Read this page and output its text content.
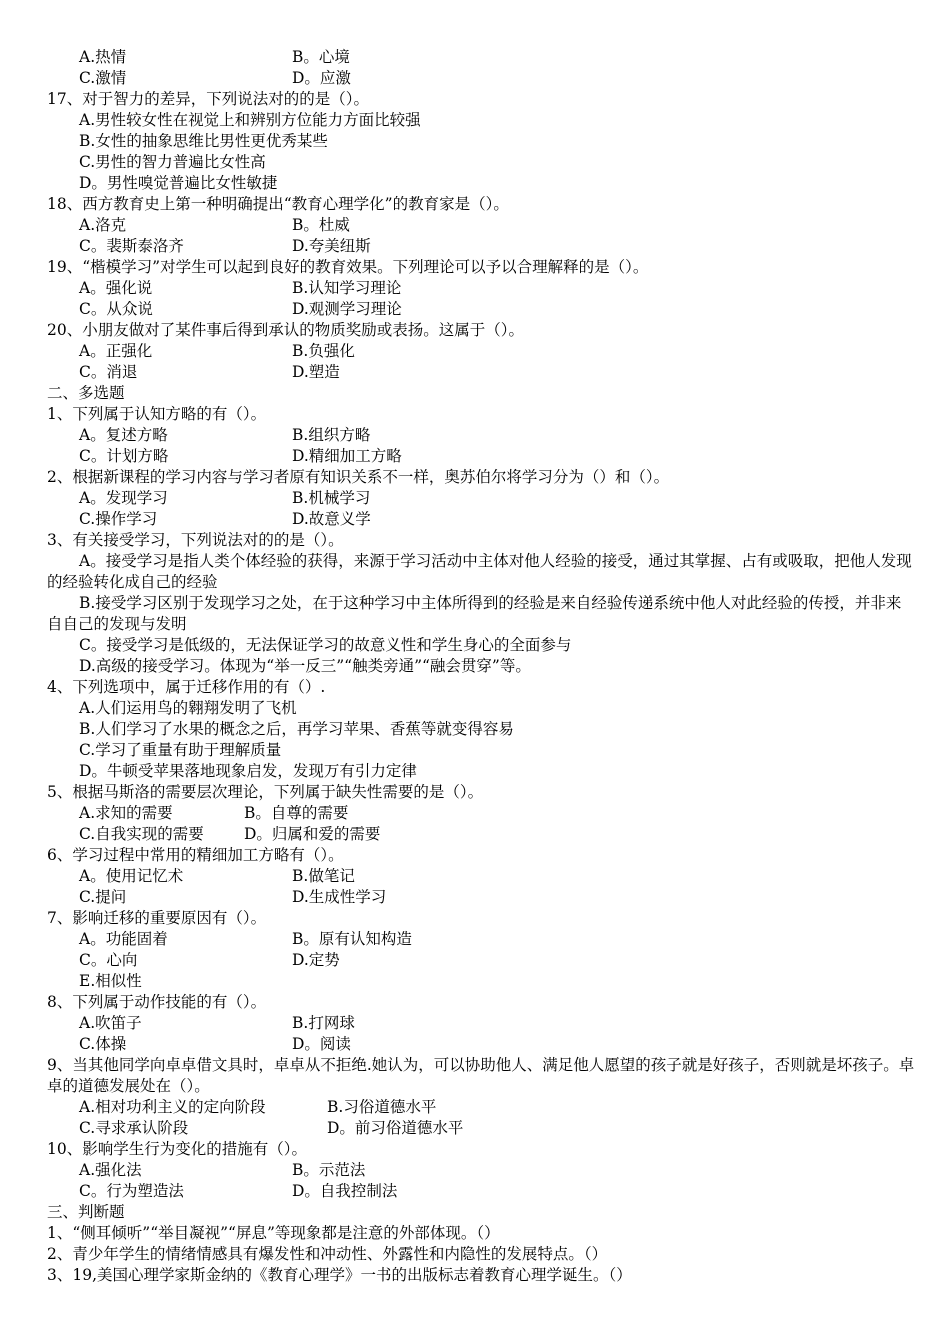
A.热情	B。心境
C.激情	D。应激
17、对于智力的差异，下列说法对的的是（）。
A.男性较女性在视觉上和辨别方位能力方面比较强
B.女性的抽象思维比男性更优秀某些
C.男性的智力普遍比女性高
D。男性嗅觉普遍比女性敏捷
18、西方教育史上第一种明确提出“教育心理学化”的教育家是（）。
A.洛克	B。杜威
C。裴斯泰洛齐	D.夸美纽斯
19、“楷模学习”对学生可以起到良好的教育效果。下列理论可以予以合理解释的是（）。
A。强化说	B.认知学习理论
C。从众说	D.观测学习理论
20、小朋友做对了某件事后得到承认的物质奖励或表扬。这属于（）。
A。正强化	B.负强化
C。消退	D.塑造
二、多选题
1、下列属于认知方略的有（）。
A。复述方略	B.组织方略
C。计划方略	D.精细加工方略
2、根据新课程的学习内容与学习者原有知识关系不一样，奥苏伯尔将学习分为（）和（）。
A。发现学习	B.机械学习
C.操作学习	D.故意义学
3、有关接受学习，下列说法对的的是（）。
A。接受学习是指人类个体经验的获得，来源于学习活动中主体对他人经验的接受，通过其掌握、占有或吸取，把他人发现的经验转化成自己的经验
B.接受学习区别于发现学习之处，在于这种学习中主体所得到的经验是来自经验传递系统中他人对此经验的传授，并非来自自己的发现与发明
C。接受学习是低级的，无法保证学习的故意义性和学生身心的全面参与
D.高级的接受学习。体现为“举一反三”“触类旁通”“融会贯穿”等。
4、下列选项中，属于迁移作用的有（）.
A.人们运用鸟的翱翔发明了飞机
B.人们学习了水果的概念之后，再学习苹果、香蕉等就变得容易
C.学习了重量有助于理解质量
D。牛顿受苹果落地现象启发，发现万有引力定律
5、根据马斯洛的需要层次理论，下列属于缺失性需要的是（）。
A.求知的需要	B。自尊的需要
C.自我实现的需要	D。归属和爱的需要
6、学习过程中常用的精细加工方略有（）。
A。使用记忆术	B.做笔记
C.提问	D.生成性学习
7、影响迁移的重要原因有（）。
A。功能固着	B。原有认知构造
C。心向	D.定势
E.相似性
8、下列属于动作技能的有（）。
A.吹笛子	B.打网球
C.体操	D。阅读
9、当其他同学向卓卓借文具时，卓卓从不拒绝.她认为，可以协助他人、满足他人愿望的孩子就是好孩子，否则就是坏孩子。卓卓的道德发展处在（）。
A.相对功利主义的定向阶段	B.习俗道德水平
C.寻求承认阶段	D。前习俗道德水平
10、影响学生行为变化的措施有（）。
A.强化法	B。示范法
C。行为塑造法	D。自我控制法
三、判断题
1、“侧耳倾听”“举目凝视”“屏息”等现象都是注意的外部体现。（）
2、青少年学生的情绪情感具有爆发性和冲动性、外露性和内隐性的发展特点。（）
3、19,美国心理学家斯金纳的《教育心理学》一书的出版标志着教育心理学诞生。（）
